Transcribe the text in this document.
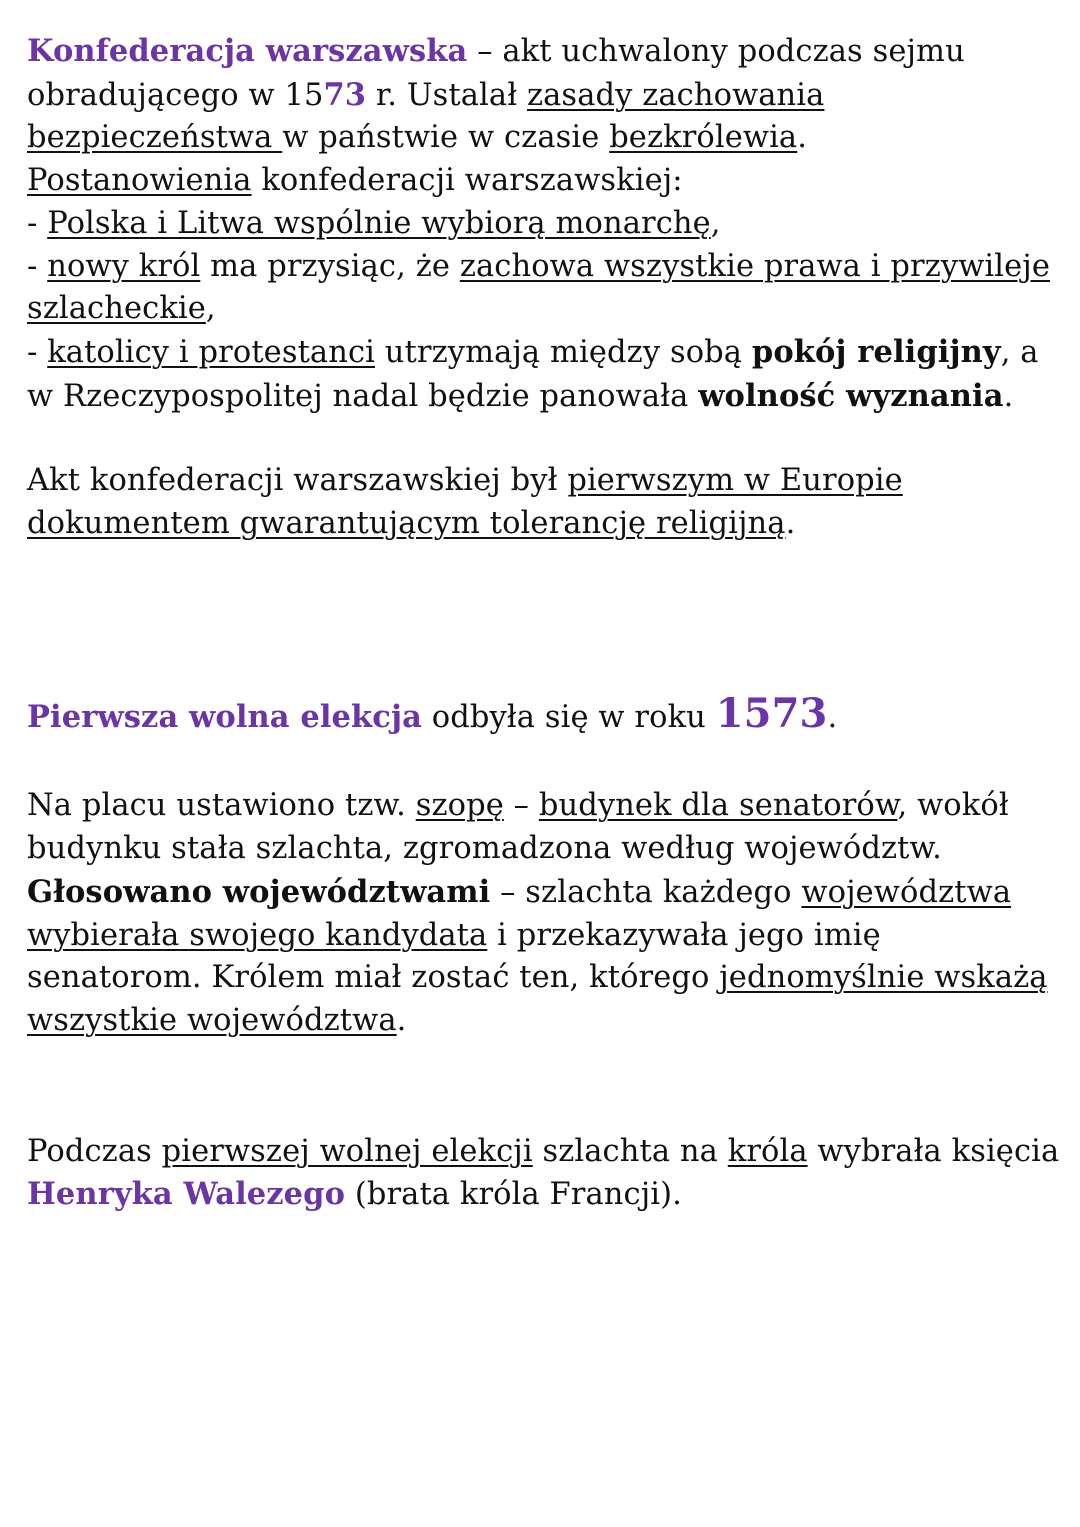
Konfederacja warszawska – akt uchwalony podczas sejmu obradującego w 1573 r. Ustalał zasady zachowania bezpieczeństwa w państwie w czasie bezkrólewia.
Postanowienia konfederacji warszawskiej:
- Polska i Litwa wspólnie wybiorą monarchę,
- nowy król ma przysiąc, że zachowa wszystkie prawa i przywileje szlacheckie,
- katolicy i protestanci utrzymają między sobą pokój religijny, a w Rzeczypospolitej nadal będzie panowała wolność wyznania.

Akt konfederacji warszawskiej był pierwszym w Europie dokumentem gwarantującym tolerancję religijną.

Pierwsza wolna elekcja odbyła się w roku 1573.

Na placu ustawiono tzw. szopę – budynek dla senatorów, wokół budynku stała szlachta, zgromadzona według województw. Głosowano województwami – szlachta każdego województwa wybierała swojego kandydata i przekazywała jego imię senatorom. Królem miał zostać ten, którego jednomyślnie wskażą wszystkie województwa.

Podczas pierwszej wolnej elekcji szlachta na króla wybrała księcia Henryka Walezego (brata króla Francji).
